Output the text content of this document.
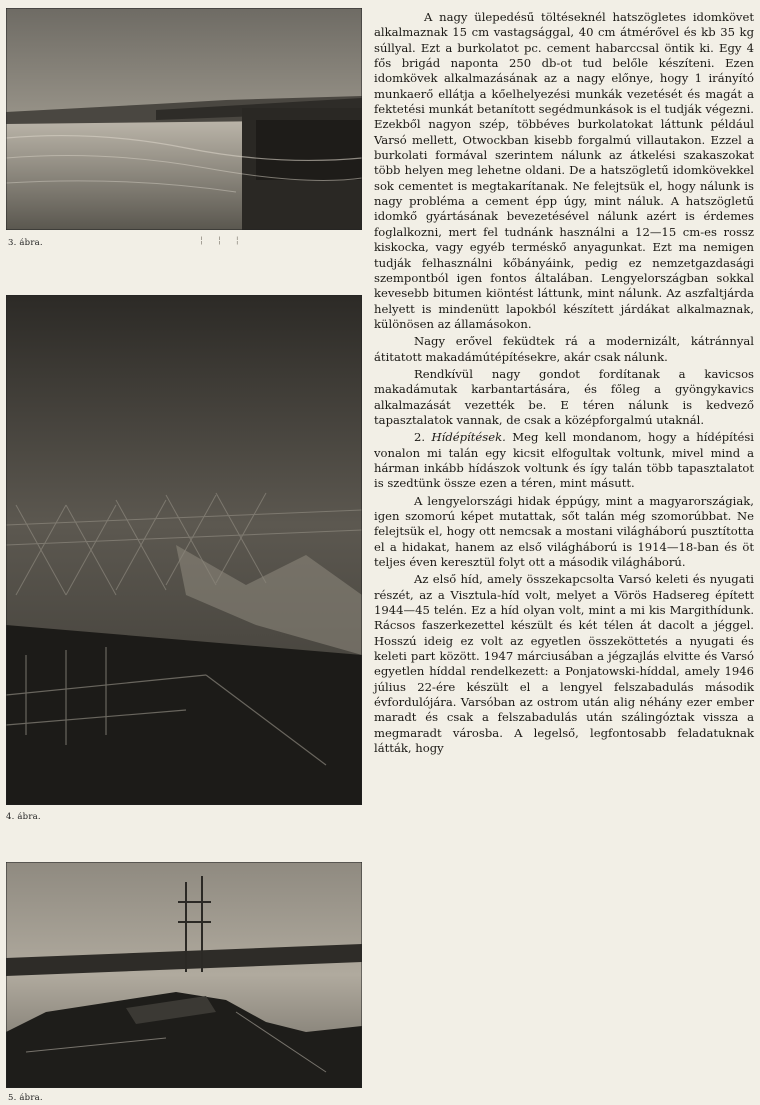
3. ábra.	¦ ¦ ¦
4. ábra.
5. ábra.

A nagy ülepedésű töltéseknél hatszögletes idomkövet alkalmaznak 15 cm vastagsággal, 40 cm átmérővel és kb 35 kg súllyal. Ezt a burkolatot pc. cement habarccsal öntik ki. Egy 4 fős brigád naponta 250 db-ot tud belőle készíteni. Ezen idomkövek alkalmazásának az a nagy előnye, hogy 1 irányító munkaerő ellátja a kőelhelyezési munkák vezetését és magát a fektetési munkát betanított segédmunkások is el tudják végezni. Ezekből nagyon szép, többéves burkolatokat láttunk például Varsó mellett, Otwockban kisebb forgalmú villautakon. Ezzel a burkolati formával szerintem nálunk az átkelési szakaszokat több helyen meg lehetne oldani. De a hatszögletű idomkövekkel sok cementet is megtakarítanak. Ne felejtsük el, hogy nálunk is nagy probléma a cement épp úgy, mint náluk. A hatszögletű idomkő gyártásának bevezetésével nálunk azért is érdemes foglalkozni, mert fel tudnánk használni a 12—15 cm-es rossz kiskocka, vagy egyéb terméskő anyagunkat. Ezt ma nemigen tudják felhasználni kőbányáink, pedig ez nemzetgazdasági szempontból igen fontos általában. Lengyelországban sokkal kevesebb bitumen kiöntést láttunk, mint nálunk. Az aszfaltjárda helyett is mindenütt lapokból készített járdákat alkalmaznak, különösen az államásokon.

Nagy erővel feküdtek rá a modernizált, kátránnyal átitatott makadámútépítésekre, akár csak nálunk.

Rendkívül nagy gondot fordítanak a kavicsos makadámutak karbantartására, és főleg a gyöngykavics alkalmazását vezették be. E téren nálunk is kedvező tapasztalatok vannak, de csak a középforgalmú utaknál.

2. Hídépítések. Meg kell mondanom, hogy a hídépítési vonalon mi talán egy kicsit elfogultak voltunk, mivel mind a hárman inkább hídászok voltunk és így talán több tapasztalatot is szedtünk össze ezen a téren, mint másutt.

A lengyelországi hidak éppúgy, mint a magyarországiak, igen szomorú képet mutattak, sőt talán még szomorúbbat. Ne felejtsük el, hogy ott nemcsak a mostani világháború pusztította el a hidakat, hanem az első világháború is 1914—18-ban és öt teljes éven keresztül folyt ott a második világháború.

Az első híd, amely összekapcsolta Varsó keleti és nyugati részét, az a Visztula-híd volt, melyet a Vörös Hadsereg épített 1944—45 telén. Ez a híd olyan volt, mint a mi kis Margithídunk. Rácsos faszerkezettel készült és két télen át dacolt a jéggel. Hosszú ideig ez volt az egyetlen összeköttetés a nyugati és keleti part között. 1947 márciusában a jégzajlás elvitte és Varsó egyetlen híddal rendelkezett: a Ponjatowski-híddal, amely 1946 július 22-ére készült el a lengyel felszabadulás második évfordulójára. Varsóban az ostrom után alig néhány ezer ember maradt és csak a felszabadulás után szálingóztak vissza a megmaradt városba. A legelső, legfontosabb feladatuknak látták, hogy
